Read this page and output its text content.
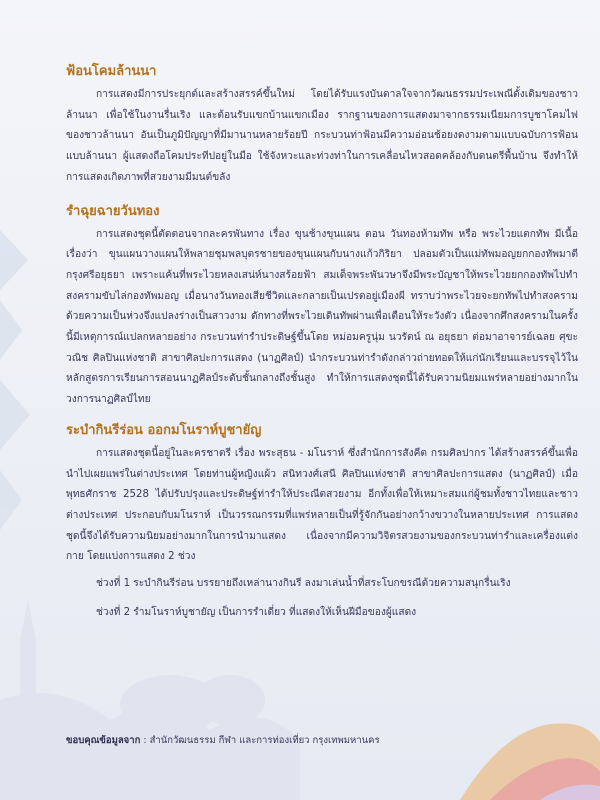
ฟ้อนโคมล้านนา

การแสดงมีการประยุกต์และสร้างสรรค์ขึ้นใหม่ โดยได้รับแรงบันดาลใจจากวัฒนธรรมประเพณีดั้งเดิมของชาวล้านนา เพื่อใช้ในงานรื่นเริง และต้อนรับแขกบ้านแขกเมือง รากฐานของการแสดงมาจากธรรมเนียมการบูชาโคมไฟของชาวล้านนา อันเป็นภูมิปัญญาที่มีมานานหลายร้อยปี กระบวนท่าฟ้อนมีความอ่อนช้อยงดงามตามแบบฉบับการฟ้อนแบบล้านนา ผู้แสดงถือโคมประทีปอยู่ในมือ ใช้จังหวะและท่วงท่าในการเคลื่อนไหวสอดคล้องกับดนตรีพื้นบ้าน จึงทำให้การแสดงเกิดภาพที่สวยงามมีมนต์ขลัง

รำฉุยฉายวันทอง

การแสดงชุดนี้ตัดตอนจากละครพันทาง เรื่อง ขุนช้างขุนแผน ตอน วันทองห้ามทัพ หรือ พระไวยแตกทัพ มีเนื้อเรื่องว่า ขุนแผนวางแผนให้พลายชุมพลบุตรชายของขุนแผนกับนางแก้วกิริยา ปลอมตัวเป็นแม่ทัพมอญยกกองทัพมาตีกรุงศรีอยุธยา เพราะแค้นที่พระไวยหลงเสน่ห์นางสร้อยฟ้า สมเด็จพระพันวษาจึงมีพระบัญชาให้พระไวยยกกองทัพไปทำสงครามขับไล่กองทัพมอญ เมื่อนางวันทองเสียชีวิตและกลายเป็นเปรตอยู่เมืองผี ทราบว่าพระไวยจะยกทัพไปทำสงคราม ด้วยความเป็นห่วงจึงแปลงร่างเป็นสาวงาม ดักทางที่พระไวยเดินทัพผ่านเพื่อเตือนให้ระวังตัว เนื่องจากศึกสงครามในครั้งนี้มีเหตุการณ์แปลกหลายอย่าง กระบวนท่ารำประดิษฐ์ขึ้นโดย หม่อมครูนุ่ม นวรัตน์ ณ อยุธยา ต่อมาอาจารย์เฉลย ศุขะวณิช ศิลปินแห่งชาติ สาขาศิลปะการแสดง (นาฏศิลป์) นำกระบวนท่ารำดังกล่าวถ่ายทอดให้แก่นักเรียนและบรรจุไว้ในหลักสูตรการเรียนการสอนนาฏศิลป์ระดับชั้นกลางถึงชั้นสูง ทำให้การแสดงชุดนี้ได้รับความนิยมแพร่หลายอย่างมากในวงการนาฏศิลป์ไทย

ระบำกินรีร่อน ออกมโนราห์บูชายัญ

การแสดงชุดนี้อยู่ในละครชาตรี เรื่อง พระสุธน - มโนราห์ ซึ่งสำนักการสังคีต กรมศิลปากร ได้สร้างสรรค์ขึ้นเพื่อนำไปเผยแพร่ในต่างประเทศ โดยท่านผู้หญิงแผ้ว สนิทวงศ์เสนี ศิลปินแห่งชาติ สาขาศิลปะการแสดง (นาฏศิลป์) เมื่อพุทธศักราช 2528 ได้ปรับปรุงและประดิษฐ์ท่ารำให้ประณีตสวยงาม อีกทั้งเพื่อให้เหมาะสมแก่ผู้ชมทั้งชาวไทยและชาวต่างประเทศ ประกอบกับมโนราห์ เป็นวรรณกรรมที่แพร่หลายเป็นที่รู้จักกันอย่างกว้างขวางในหลายประเทศ การแสดงชุดนี้จึงได้รับความนิยมอย่างมากในการนำมาแสดง เนื่องจากมีความวิจิตรสวยงามของกระบวนท่ารำและเครื่องแต่งกาย โดยแบ่งการแสดง 2 ช่วง

ช่วงที่ 1 ระบำกินรีร่อน บรรยายถึงเหล่านางกินรี ลงมาเล่นน้ำที่สระโบกขรณีด้วยความสนุกรื่นเริง

ช่วงที่ 2 รำมโนราห์บูชายัญ เป็นการรำเดี่ยว ที่แสดงให้เห็นฝีมือของผู้แสดง

ขอบคุณข้อมูลจาก : สำนักวัฒนธรรม กีฬา และการท่องเที่ยว กรุงเทพมหานคร
